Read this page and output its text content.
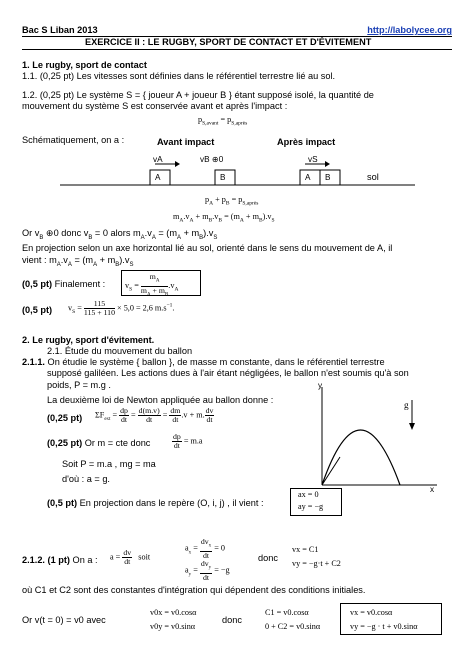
Bac S Liban 2013	http://labolycee.org
EXERCICE II : LE RUGBY, SPORT DE CONTACT ET D'ÉVITEMENT
1. Le rugby, sport de contact
1.1. (0,25 pt) Les vitesses sont définies dans le référentiel terrestre lié au sol.
1.2. (0,25 pt) Le système S = { joueur A + joueur B } étant supposé isolé, la quantité de
mouvement du système S est conservée avant et après l'impact :
$p_{S,avant} = p_{S,après}$
Schématiquement, on a :	Avant impact	Après impact
vA	vB ⊕0	vS
A	B	A B	sol
$p_A + p_B = p_{S,après}$
$m_A.v_A + m_B.v_B = (m_A + m_B).v_S$
Or $v_B$ ⊕0 donc $v_B = 0$ alors $m_A.v_A = (m_A + m_B).v_S$
En projection selon un axe horizontal lié au sol, orienté dans le sens du mouvement de A, il
vient : $m_A.v_A = (m_A + m_B).v_S$
(0,5 pt) Finalement : $v_S = \frac{m_A}{m_A + m_B} .v_A$
(0,5 pt) $v_S = \frac{115}{115 + 110} \times 5,0 = 2,6$ $m.s^{-1}$.
2. Le rugby, sport d'évitement.
2.1. Étude du mouvement du ballon
2.1.1. On étudie le système { ballon }, de masse m constante, dans le référentiel terrestre
supposé galiléen. Les actions dues à l'air étant négligées, le ballon n'est soumis qu'à son
poids, P = m.g .
La deuxième loi de Newton appliquée au ballon donne :
(0,25 pt) $\Sigma F_{ext} = \frac{dp}{dt} = \frac{d(m.v)}{dt} = \frac{dm}{dt} .v + m$. $\frac{dv}{dt}$
(0,25 pt) Or m = cte donc	$\frac{dp}{dt} = m.a$
Soit P = m.a , mg = ma
d'où : a = g.
(0,5 pt) En projection dans le repère (O, i, j) , il vient :
ax = 0
ay = −g
y
x
g
2.1.2. (1 pt) On a : $a = \frac{dv}{dt}$ soit
$a_x = \frac{dv_x}{dt} = 0$
$a_y = \frac{dv_y}{dt} = -g$
donc
vx = C1
vy = −g·t + C2
où C1 et C2 sont des constantes d'intégration qui dépendent des conditions initiales.
Or v(t = 0) = v0 avec
v0x = v0.cosα
v0y = v0.sinα
donc
C1 = v0.cosα
0 + C2 = v0.sinα
vx = v0.cosα
vy = −g · t + v0.sinα
